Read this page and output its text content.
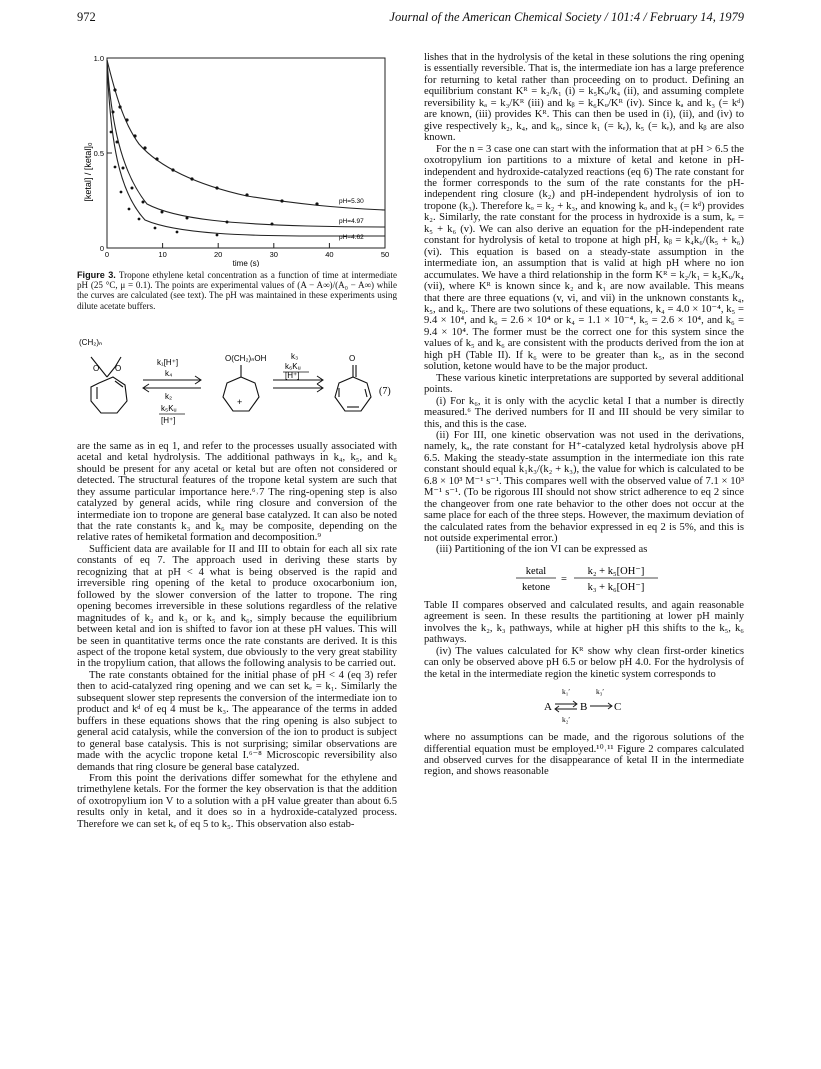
972	Journal of the American Chemical Society / 101:4 / February 14, 1979
[ketal] / [ketal]₀
1.0
0.5
0
0	10	20	30	40	50
time (s)
pH=5.30
pH=4.97
pH=4.62
Figure 3. Tropone ethylene ketal concentration as a function of time at intermediate pH (25 °C, μ = 0.1). The points are experimental values of (A − A∞)/(A₀ − A∞) while the curves are calculated (see text). The pH was maintained in these experiments using dilute acetate buffers.
(CH₂)ₙ
O O
k₁[H⁺]
k₄
k₂
k₅Kᵤ
[H⁺]
+
O(CH₂)ₙOH	k₃
k₆Kᵤ
[H⁺]
O
(7)

are the same as in eq 1, and refer to the processes usually associated with acetal and ketal hydrolysis. The additional pathways in k₄, k₅, and k₆ should be present for any acetal or ketal but are often not considered or detected. The structural features of the tropone ketal system are such that they assume particular importance here.⁶˒7 The ring-opening step is also catalyzed by general acids, while ring closure and conversion of the intermediate ion to tropone are general base catalyzed. It can also be noted that the rate constants k₃ and k₆ may be composite, depending on the relative rates of hemiketal formation and decomposition.⁹

Sufficient data are available for II and III to obtain for each all six rate constants of eq 7. The approach used in deriving these starts by recognizing that at pH < 4 what is being observed is the rapid and irreversible ring opening of the ketal to produce oxocarbonium ion, followed by the slower conversion of the latter to tropone. The ring opening becomes irreversible in these solutions regardless of the relative magnitudes of k₂ and k₃ or k₅ and k₆, simply because the equilibrium between ketal and ion is shifted to favor ion at these pH values. This will be seen in quantitative terms once the rate constants are derived. It is this aspect of the tropone ketal system, due obviously to the very great stability in the tropylium cation, that allows the following analysis to be carried out.

The rate constants obtained for the initial phase of pH < 4 (eq 3) refer then to acid-catalyzed ring opening and we can set kₑ = k₁. Similarly the subsequent slower step represents the conversion of the intermediate ion to product and kᵈ of eq 4 must be k₃. The appearance of the terms in added buffers in these equations shows that the ring opening is also subject to general acid catalysis, while the conversion of the ion to product is subject to general base catalysis. This is not surprising; similar observations are made with the acyclic tropone ketal I.⁶⁻⁸ Microscopic reversibility also demands that ring closure be general base catalyzed.

From this point the derivations differ somewhat for the ethylene and trimethylene ketals. For the former the key observation is that the addition of oxotropylium ion V to a solution with a pH value greater than about 6.5 results only in ketal, and it does so in a hydroxide-catalyzed process. Therefore we can set kₑ of eq 5 to k₅. This observation also estab-

lishes that in the hydrolysis of the ketal in these solutions the ring opening is essentially reversible. That is, the intermediate ion has a large preference for returning to ketal rather than proceeding on to product. Defining an equilibrium constant Kᴿ = k₂/k₁ (i) = k₅Kᵤ/k₄ (ii), and assuming complete reversibility kₐ = k₃/Kᴿ (iii) and kᵦ = k₆Kᵤ/Kᴿ (iv). Since kₐ and k₃ (= kᵈ) are known, (iii) provides Kᴿ. This can then be used in (i), (ii), and (iv) to give respectively k₂, k₄, and k₆, since k₁ (= kₑ), k₅ (= kₑ), and kᵦ are also known.

For the n = 3 case one can start with the information that at pH > 6.5 the oxotropylium ion partitions to a mixture of ketal and ketone in pH-independent and hydroxide-catalyzed reactions (eq 6) The rate constant for the former corresponds to the sum of the rate constants for the pH-independent ring closure (k₂) and pH-independent hydrolysis of ion to tropone (k₃). Therefore kₒ = k₂ + k₃, and knowing kₒ and k₃ (= kᵈ) provides k₂. Similarly, the rate constant for the process in hydroxide is a sum, kₑ = k₅ + k₆ (v). We can also derive an equation for the pH-independent rate constant for hydrolysis of ketal to tropone at high pH, kᵦ = k₄k₆/(k₅ + k₆) (vi). This equation is based on a steady-state assumption in the intermediate ion, an assumption that is valid at high pH where no ion accumulates. We have a third relationship in the form Kᴿ = k₂/k₁ = k₅Kᵤ/k₄ (vii), where Kᴿ is known since k₂ and k₁ are now available. This means that there are three equations (v, vi, and vii) in the unknown constants k₄, k₅, and k₆. There are two solutions of these equations, k₄ = 4.0 × 10⁻⁴, k₅ = 9.4 × 10⁴, and k₆ = 2.6 × 10⁴ or k₄ = 1.1 × 10⁻⁴, k₅ = 2.6 × 10⁴, and k₆ = 9.4 × 10⁴. The former must be the correct one for this system since the values of k₅ and k₆ are consistent with the products derived from the ion at high pH (Table II). If k₆ were to be greater than k₅, as in the second solution, ketone would have to be the major product.

These various kinetic interpretations are supported by several additional points.

(i) For k₆, it is only with the acyclic ketal I that a number is directly measured.⁶ The derived numbers for II and III should be very similar to this, and this is the case.

(ii) For III, one kinetic observation was not used in the derivations, namely, kₐ, the rate constant for H⁺-catalyzed ketal hydrolysis above pH 6.5. Making the steady-state assumption in the intermediate ion this rate constant should equal k₁k₃/(k₂ + k₃), the value for which is calculated to be 6.8 × 10³ M⁻¹ s⁻¹. This compares well with the observed value of 7.1 × 10³ M⁻¹ s⁻¹. (To be rigorous III should not show strict adherence to eq 2 since the changeover from one rate behavior to the other does not occur at the same place for each of the three steps. However, the maximum deviation of the calculated rates from the behavior expressed in eq 2 is 5%, and this is not outside experimental error.)

(iii) Partitioning of the ion VI can be expressed as

ketal
ketone
=
k₂ + k₅[OH⁻]
k₃ + k₆[OH⁻]

Table II compares observed and calculated results, and again reasonable agreement is seen. In these results the partitioning at lower pH mainly involves the k₂, k₃ pathways, while at higher pH this shifts to the k₅, k₆ pathways.

(iv) The values calculated for Kᴿ show why clean first-order kinetics can only be observed above pH 6.5 or below pH 4.0. For the hydrolysis of the ketal in the intermediate region the kinetic system corresponds to

k₁′	k₃′
A	B C
k₂′

where no assumptions can be made, and the rigorous solutions of the differential equation must be employed.¹⁰˒¹¹ Figure 2 compares calculated and observed curves for the disappearance of ketal II in the intermediate region, and shows reasonable
